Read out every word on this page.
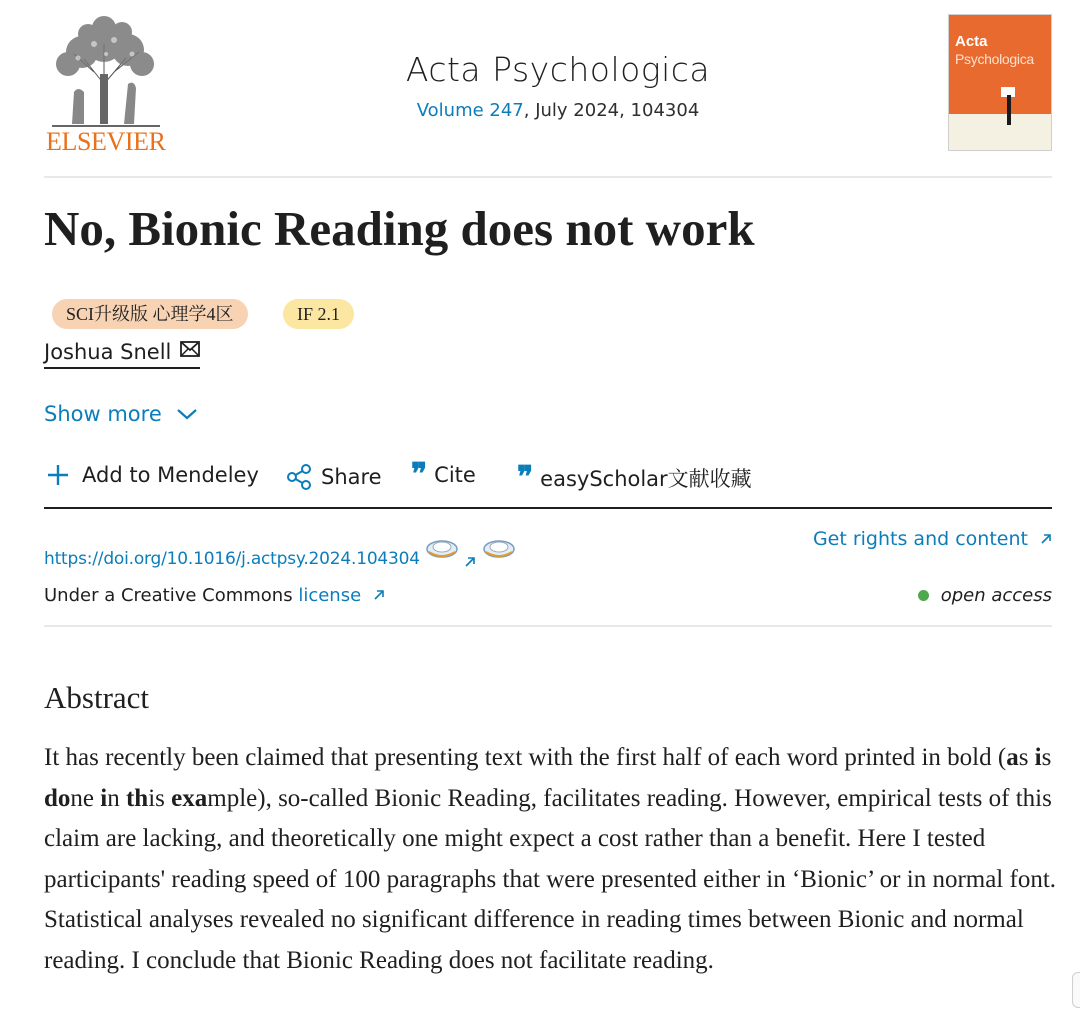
ELSEVIER
Acta Psychologica
Volume 247, July 2024, 104304
Acta
Psychologica
No, Bionic Reading does not work
SCI升级版 心理学4区	IF 2.1
Joshua Snell
Show more
Add to Mendeley	Share ❞ Cite ❞ easyScholar文献收藏
https://doi.org/10.1016/j.actpsy.2024.104304
Get rights and content
Under a Creative Commons license	open access
Abstract
It has recently been claimed that presenting text with the first half of each word printed in bold (as is done in this example), so-called Bionic Reading, facilitates reading. However, empirical tests of this claim are lacking, and theoretically one might expect a cost rather than a benefit. Here I tested participants' reading speed of 100 paragraphs that were presented either in ‘Bionic’ or in normal font. Statistical analyses revealed no significant difference in reading times between Bionic and normal reading. I conclude that Bionic Reading does not facilitate reading.
